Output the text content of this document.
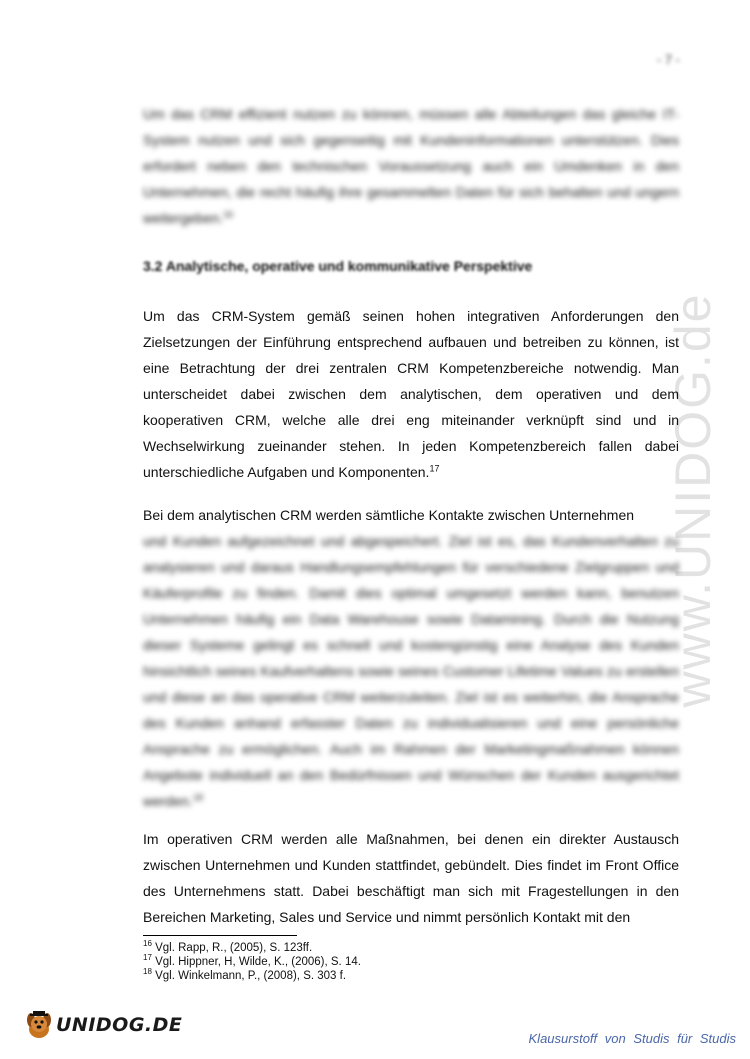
- 7 -
www.UNIDOG.de

Um das CRM effizient nutzen zu können, müssen alle Abteilungen das gleiche IT-System nutzen und sich gegenseitig mit Kundeninformationen unterstützen. Dies erfordert neben den technischen Voraussetzung auch ein Umdenken in den Unternehmen, die recht häufig ihre gesammelten Daten für sich behalten und ungern weitergeben.$^{16}$

3.2 Analytische, operative und kommunikative Perspektive

Um das CRM-System gemäß seinen hohen integrativen Anforderungen den Zielsetzungen der Einführung entsprechend aufbauen und betreiben zu können, ist eine Betrachtung der drei zentralen CRM Kompetenzbereiche notwendig. Man unterscheidet dabei zwischen dem analytischen, dem operativen und dem kooperativen CRM, welche alle drei eng miteinander verknüpft sind und in Wechselwirkung zueinander stehen. In jeden Kompetenzbereich fallen dabei unterschiedliche Aufgaben und Komponenten.$^{17}$

Bei dem analytischen CRM werden sämtliche Kontakte zwischen Unternehmen

und Kunden aufgezeichnet und abgespeichert. Ziel ist es, das Kundenverhalten zu analysieren und daraus Handlungsempfehlungen für verschiedene Zielgruppen und Käuferprofile zu finden. Damit dies optimal umgesetzt werden kann, benutzen Unternehmen häufig ein Data Warehouse sowie Datamining. Durch die Nutzung dieser Systeme gelingt es schnell und kostengünstig eine Analyse des Kunden hinsichtlich seines Kaufverhaltens sowie seines Customer Lifetime Values zu erstellen und diese an das operative CRM weiterzuleiten. Ziel ist es weiterhin, die Ansprache des Kunden anhand erfasster Daten zu individualisieren und eine persönliche Ansprache zu ermöglichen. Auch im Rahmen der Marketingmaßnahmen können Angebote individuell an den Bedürfnissen und Wünschen der Kunden ausgerichtet werden.$^{18}$

Im operativen CRM werden alle Maßnahmen, bei denen ein direkter Austausch zwischen Unternehmen und Kunden stattfindet, gebündelt. Dies findet im Front Office des Unternehmens statt. Dabei beschäftigt man sich mit Fragestellungen in den Bereichen Marketing, Sales und Service und nimmt persönlich Kontakt mit den

$^{16}$ Vgl. Rapp, R., (2005), S. 123ff.
$^{17}$ Vgl. Hippner, H, Wilde, K., (2006), S. 14.
$^{18}$ Vgl. Winkelmann, P., (2008), S. 303 f.
UNIDOG.DE
Klausurstoff von Studis für Studis
